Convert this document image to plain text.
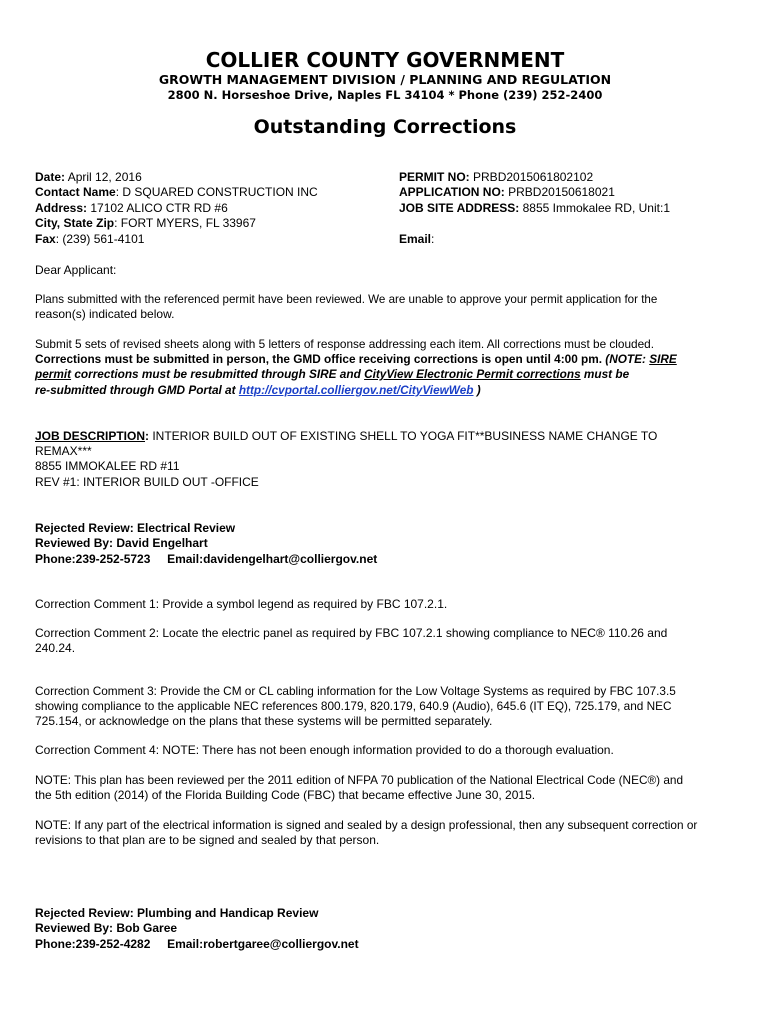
COLLIER COUNTY GOVERNMENT
GROWTH MANAGEMENT DIVISION / PLANNING AND REGULATION
2800 N. Horseshoe Drive, Naples FL 34104 * Phone (239) 252-2400
Outstanding Corrections
Date: April 12, 2016
Contact Name: D SQUARED CONSTRUCTION INC
Address: 17102 ALICO CTR RD #6
City, State Zip: FORT MYERS, FL 33967
Fax: (239) 561-4101
PERMIT NO: PRBD2015061802102
APPLICATION NO: PRBD20150618021
JOB SITE ADDRESS: 8855 Immokalee RD, Unit:1
Email:
Dear Applicant:
Plans submitted with the referenced permit have been reviewed. We are unable to approve your permit application for the
reason(s) indicated below.
Submit 5 sets of revised sheets along with 5 letters of response addressing each item. All corrections must be clouded.
Corrections must be submitted in person, the GMD office receiving corrections is open until 4:00 pm. (NOTE: SIRE
permit corrections must be resubmitted through SIRE and CityView Electronic Permit corrections must be
re-submitted through GMD Portal at http://cvportal.colliergov.net/CityViewWeb )
JOB DESCRIPTION: INTERIOR BUILD OUT OF EXISTING SHELL TO YOGA FIT**BUSINESS NAME CHANGE TO
REMAX***
8855 IMMOKALEE RD #11
REV #1: INTERIOR BUILD OUT -OFFICE
Rejected Review: Electrical Review
Reviewed By: David Engelhart
Phone:239-252-5723     Email:davidengelhart@colliergov.net
Correction Comment 1: Provide a symbol legend as required by FBC 107.2.1.
Correction Comment 2: Locate the electric panel as required by FBC 107.2.1 showing compliance to NEC® 110.26 and
240.24.
Correction Comment 3: Provide the CM or CL cabling information for the Low Voltage Systems as required by FBC 107.3.5
showing compliance to the applicable NEC references 800.179, 820.179, 640.9 (Audio), 645.6 (IT EQ), 725.179, and NEC
725.154, or acknowledge on the plans that these systems will be permitted separately.
Correction Comment 4: NOTE: There has not been enough information provided to do a thorough evaluation.
NOTE: This plan has been reviewed per the 2011 edition of NFPA 70 publication of the National Electrical Code (NEC®) and
the 5th edition (2014) of the Florida Building Code (FBC) that became effective June 30, 2015.
NOTE: If any part of the electrical information is signed and sealed by a design professional, then any subsequent correction or
revisions to that plan are to be signed and sealed by that person.
Rejected Review: Plumbing and Handicap Review
Reviewed By: Bob Garee
Phone:239-252-4282     Email:robertgaree@colliergov.net
